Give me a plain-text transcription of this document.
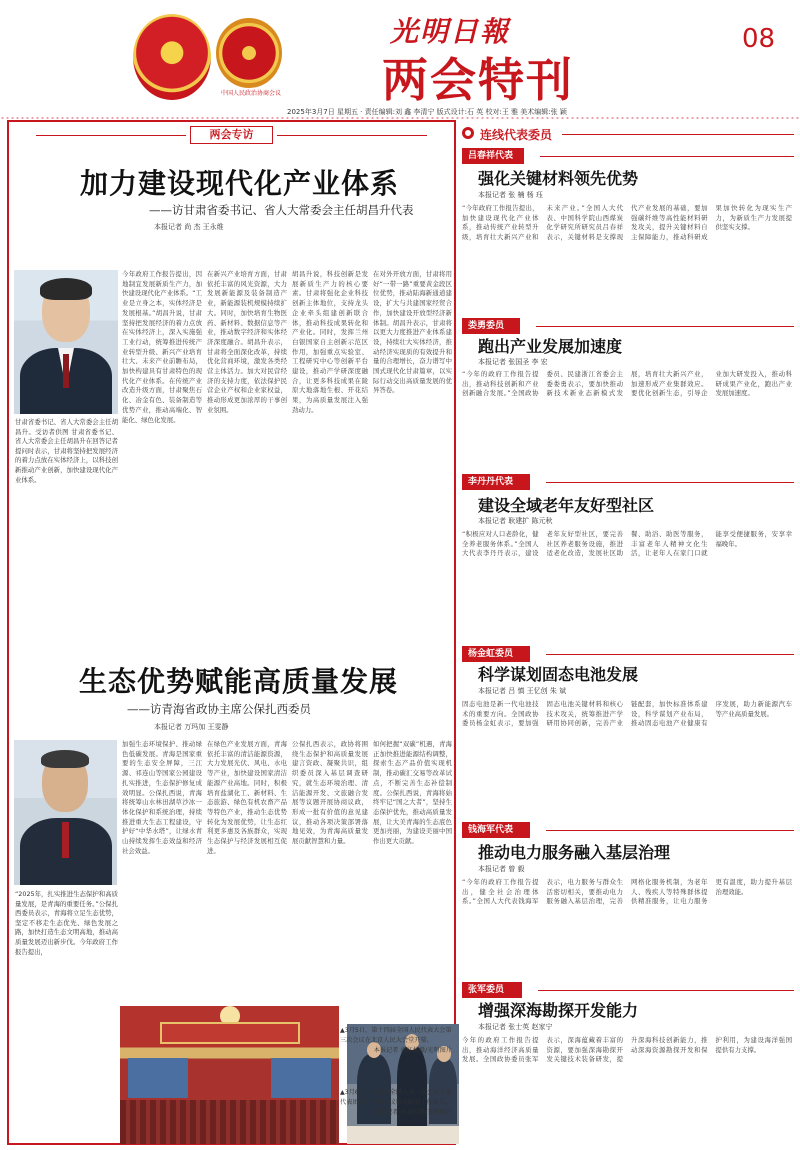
中国人民政治协商会议
光明日報
两会特刊
08
2025年3月7日 星期五 · 责任编辑:刘 鑫 李清宁 版式设计:石 英 校对:王 雅 美术编辑:张 颖
两会专访
加力建设现代化产业体系
——访甘肃省委书记、省人大常委会主任胡昌升代表
本报记者 尚 杰 王永维
甘肃省委书记、省人大常委会主任胡昌升。受访者供图 甘肃省委书记、省人大常委会主任胡昌升在回答记者提问时表示，甘肃将坚持把发展经济的着力点放在实体经济上，以科技创新推动产业创新，加快建设现代化产业体系。
今年政府工作报告提出，因地制宜发展新质生产力，加快建设现代化产业体系。“工业是立身之本，实体经济是发展根基。”胡昌升说，甘肃坚持把发展经济的着力点放在实体经济上，深入实施强工业行动，统筹推进传统产业转型升级、新兴产业培育壮大、未来产业前瞻布局，加快构建具有甘肃特色的现代化产业体系。在传统产业改造升级方面，甘肃聚焦石化、冶金有色、装备制造等优势产业，推动高端化、智能化、绿色化发展。
在新兴产业培育方面，甘肃依托丰富的风光资源，大力发展新能源及装备制造产业，新能源装机规模持续扩大。同时，加快培育生物医药、新材料、数据信息等产业，推动数字经济和实体经济深度融合。胡昌升表示，甘肃将全面深化改革，持续优化营商环境，激发各类经营主体活力。加大对民营经济的支持力度，依法保护民营企业产权和企业家权益，推动形成更加浓厚的干事创业氛围。
胡昌升说，科技创新是发展新质生产力的核心要素。甘肃将强化企业科技创新主体地位，支持龙头企业牵头组建创新联合体，推动科技成果转化和产业化。同时，发挥兰州白银国家自主创新示范区作用，加强重点实验室、工程研究中心等创新平台建设，推动产学研深度融合，让更多科技成果在陇原大地落地生根、开花结果，为高质量发展注入强劲动力。
在对外开放方面，甘肃将用好“一带一路”重要黄金段区位优势，推动陆海新通道建设，扩大与共建国家经贸合作，加快建设开放型经济新体制。胡昌升表示，甘肃将以更大力度推进产业体系建设，持续壮大实体经济，推动经济实现质的有效提升和量的合理增长，奋力谱写中国式现代化甘肃篇章，以实际行动交出高质量发展的优异答卷。
生态优势赋能高质量发展
——访青海省政协主席公保扎西委员
本报记者 万玛加 王雯静
“2025年，扎实推进生态保护和高质量发展，是青海的重要任务。”公保扎西委员表示，青海将立足生态优势，坚定不移走生态优先、绿色发展之路，加快打造生态文明高地，推动高质量发展迈出新步伐。今年政府工作报告提出，
加强生态环境保护、推动绿色低碳发展。青海是国家重要的生态安全屏障，三江源、祁连山等国家公园建设扎实推进，生态保护修复成效明显。公保扎西说，青海将统筹山水林田湖草沙冰一体化保护和系统治理，持续推进重大生态工程建设，守护好“中华水塔”，让绿水青山持续发挥生态效益和经济社会效益。
在绿色产业发展方面，青海依托丰富的清洁能源资源，大力发展光伏、风电、水电等产业，加快建设国家清洁能源产业高地。同时，积极培育盐湖化工、新材料、生态旅游、绿色有机农畜产品等特色产业，推动生态优势转化为发展优势，让生态红利更多惠及各族群众，实现生态保护与经济发展相互促进。
公保扎西表示，政协将围绕生态保护和高质量发展建言资政、凝聚共识，组织委员深入基层调查研究，就生态环境治理、清洁能源开发、文旅融合发展等议题开展协商议政，形成一批有价值的意见建议，推动各项决策部署落地见效，为青海高质量发展贡献智慧和力量。
如何把握“双碳”机遇，青海正加快推进能源结构调整，探索生态产品价值实现机制，推动碳汇交易等改革试点，不断完善生态补偿制度。公保扎西说，青海将始终牢记“国之大者”，坚持生态保护优先，推动高质量发展，让大美青海的生态底色更加亮丽，为建设美丽中国作出更大贡献。
▲3月5日，第十四届全国人民代表大会第三次会议在北京人民大会堂开幕。
本报记者 郭红松摄/光明图片
▲3月6日，十四届全国人大三次会议甘肃代表团举行全体会议审议政府工作报告。
本报记者 孙金行摄/光明图片
连线代表委员
吕春祥代表
强化关键材料领先优势
本报记者 张 楠 杨 珏
“今年政府工作报告提出，加快建设现代化产业体系，推动传统产业转型升级，培育壮大新兴产业和未来产业。”全国人大代表、中国科学院山西煤炭化学研究所研究员吕春祥表示，关键材料是支撑现代产业发展的基础，要加强碳纤维等高性能材料研发攻关，提升关键材料自主保障能力，推动科研成果加快转化为现实生产力，为新质生产力发展提供坚实支撑。
娄勇委员
跑出产业发展加速度
本报记者 张国圣 李 宏
“今年的政府工作报告提出，推动科技创新和产业创新融合发展。”全国政协委员、民建浙江省委会主委娄勇表示，要加快推动新技术新业态新模式发展，培育壮大新兴产业，加速形成产业集群效应。要优化创新生态，引导企业加大研发投入，推动科研成果产业化，跑出产业发展加速度。
李丹丹代表
建设全域老年友好型社区
本报记者 耿建扩 陈元秋
“积极应对人口老龄化，健全养老服务体系。”全国人大代表李丹丹表示，建设老年友好型社区，要完善社区养老服务设施，推进适老化改造，发展社区助餐、助浴、助医等服务，丰富老年人精神文化生活，让老年人在家门口就能享受便捷服务，安享幸福晚年。
杨金虹委员
科学谋划固态电池发展
本报记者 吕 慎 王忆创 朱 斌
固态电池是新一代电池技术的重要方向。全国政协委员杨金虹表示，要加强固态电池关键材料和核心技术攻关，统筹推进产学研用协同创新，完善产业链配套，加快标准体系建设，科学谋划产业布局，推动固态电池产业健康有序发展，助力新能源汽车等产业高质量发展。
钱海军代表
推动电力服务融入基层治理
本报记者 曾 毅
“今年的政府工作报告提出，健全社会治理体系。”全国人大代表钱海军表示，电力服务与群众生活密切相关，要推动电力服务融入基层治理，完善网格化服务机制，为老年人、残疾人等特殊群体提供精准服务，让电力服务更有温度，助力提升基层治理效能。
张军委员
增强深海勘探开发能力
本报记者 张士英 赵家宁
今年的政府工作报告提出，推动海洋经济高质量发展。全国政协委员张军表示，深海蕴藏着丰富的资源，要加强深海勘探开发关键技术装备研发，提升深海科技创新能力，推动深海资源勘探开发和保护利用，为建设海洋强国提供有力支撑。
